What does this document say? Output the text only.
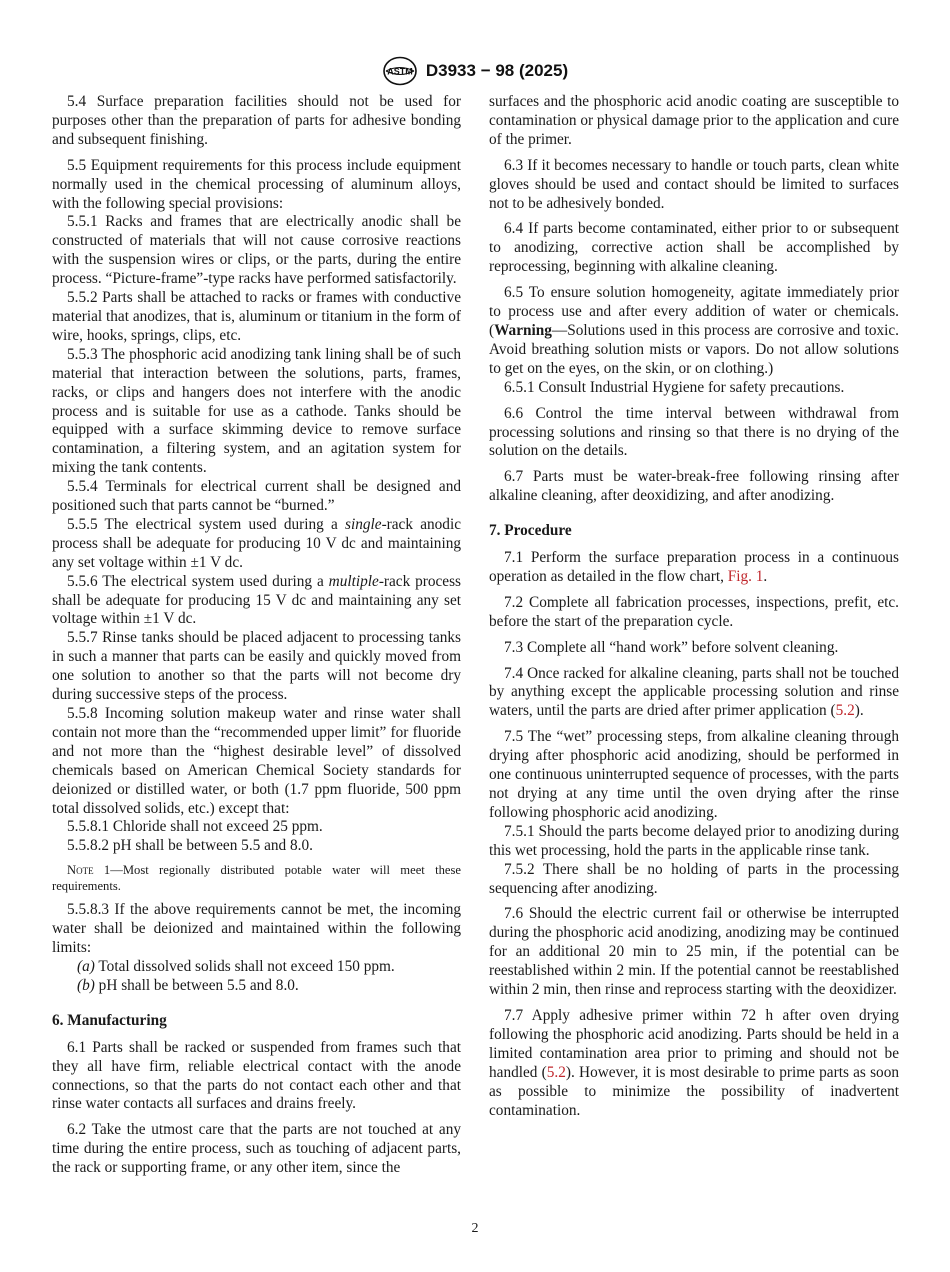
ASTM D3933 − 98 (2025)

5.4 Surface preparation facilities should not be used for purposes other than the preparation of parts for adhesive bonding and subsequent finishing.

5.5 Equipment requirements for this process include equipment normally used in the chemical processing of aluminum alloys, with the following special provisions:

5.5.1 Racks and frames that are electrically anodic shall be constructed of materials that will not cause corrosive reactions with the suspension wires or clips, or the parts, during the entire process. “Picture-frame”-type racks have performed satisfactorily.

5.5.2 Parts shall be attached to racks or frames with conductive material that anodizes, that is, aluminum or titanium in the form of wire, hooks, springs, clips, etc.

5.5.3 The phosphoric acid anodizing tank lining shall be of such material that interaction between the solutions, parts, frames, racks, or clips and hangers does not interfere with the anodic process and is suitable for use as a cathode. Tanks should be equipped with a surface skimming device to remove surface contamination, a filtering system, and an agitation system for mixing the tank contents.

5.5.4 Terminals for electrical current shall be designed and positioned such that parts cannot be “burned.”

5.5.5 The electrical system used during a single-rack anodic process shall be adequate for producing 10 V dc and maintaining any set voltage within ±1 V dc.

5.5.6 The electrical system used during a multiple-rack process shall be adequate for producing 15 V dc and maintaining any set voltage within ±1 V dc.

5.5.7 Rinse tanks should be placed adjacent to processing tanks in such a manner that parts can be easily and quickly moved from one solution to another so that the parts will not become dry during successive steps of the process.

5.5.8 Incoming solution makeup water and rinse water shall contain not more than the “recommended upper limit” for fluoride and not more than the “highest desirable level” of dissolved chemicals based on American Chemical Society standards for deionized or distilled water, or both (1.7 ppm fluoride, 500 ppm total dissolved solids, etc.) except that:

5.5.8.1 Chloride shall not exceed 25 ppm.

5.5.8.2 pH shall be between 5.5 and 8.0.

Note 1—Most regionally distributed potable water will meet these requirements.

5.5.8.3 If the above requirements cannot be met, the incoming water shall be deionized and maintained within the following limits:

(a) Total dissolved solids shall not exceed 150 ppm.

(b) pH shall be between 5.5 and 8.0.

6. Manufacturing

6.1 Parts shall be racked or suspended from frames such that they all have firm, reliable electrical contact with the anode connections, so that the parts do not contact each other and that rinse water contacts all surfaces and drains freely.

6.2 Take the utmost care that the parts are not touched at any time during the entire process, such as touching of adjacent parts, the rack or supporting frame, or any other item, since the

surfaces and the phosphoric acid anodic coating are susceptible to contamination or physical damage prior to the application and cure of the primer.

6.3 If it becomes necessary to handle or touch parts, clean white gloves should be used and contact should be limited to surfaces not to be adhesively bonded.

6.4 If parts become contaminated, either prior to or subsequent to anodizing, corrective action shall be accomplished by reprocessing, beginning with alkaline cleaning.

6.5 To ensure solution homogeneity, agitate immediately prior to process use and after every addition of water or chemicals. (Warning—Solutions used in this process are corrosive and toxic. Avoid breathing solution mists or vapors. Do not allow solutions to get on the eyes, on the skin, or on clothing.)

6.5.1 Consult Industrial Hygiene for safety precautions.

6.6 Control the time interval between withdrawal from processing solutions and rinsing so that there is no drying of the solution on the details.

6.7 Parts must be water-break-free following rinsing after alkaline cleaning, after deoxidizing, and after anodizing.

7. Procedure

7.1 Perform the surface preparation process in a continuous operation as detailed in the flow chart, Fig. 1.

7.2 Complete all fabrication processes, inspections, prefit, etc. before the start of the preparation cycle.

7.3 Complete all “hand work” before solvent cleaning.

7.4 Once racked for alkaline cleaning, parts shall not be touched by anything except the applicable processing solution and rinse waters, until the parts are dried after primer application (5.2).

7.5 The “wet” processing steps, from alkaline cleaning through drying after phosphoric acid anodizing, should be performed in one continuous uninterrupted sequence of processes, with the parts not drying at any time until the oven drying after the rinse following phosphoric acid anodizing.

7.5.1 Should the parts become delayed prior to anodizing during this wet processing, hold the parts in the applicable rinse tank.

7.5.2 There shall be no holding of parts in the processing sequencing after anodizing.

7.6 Should the electric current fail or otherwise be interrupted during the phosphoric acid anodizing, anodizing may be continued for an additional 20 min to 25 min, if the potential can be reestablished within 2 min. If the potential cannot be reestablished within 2 min, then rinse and reprocess starting with the deoxidizer.

7.7 Apply adhesive primer within 72 h after oven drying following the phosphoric acid anodizing. Parts should be held in a limited contamination area prior to priming and should not be handled (5.2). However, it is most desirable to prime parts as soon as possible to minimize the possibility of inadvertent contamination.

2
